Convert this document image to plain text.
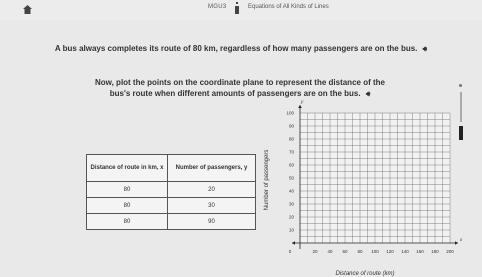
MGU3	Equations of All Kinds of Lines
A bus always completes its route of 80 km, regardless of how many passengers are on the bus. 🔊︎
Now, plot the points on the coordinate plane to represent the distance of the bus's route when different amounts of passengers are on the bus. 🔊︎
Distance of route in km, x	Number of passengers, y
80	20
80	30
80	90
Number of passengers
Distance of route (km)
y
x
0	20 40 60 80 100 120 140 160 180 200
10
20
30
40
50
60
70
80
90
100
